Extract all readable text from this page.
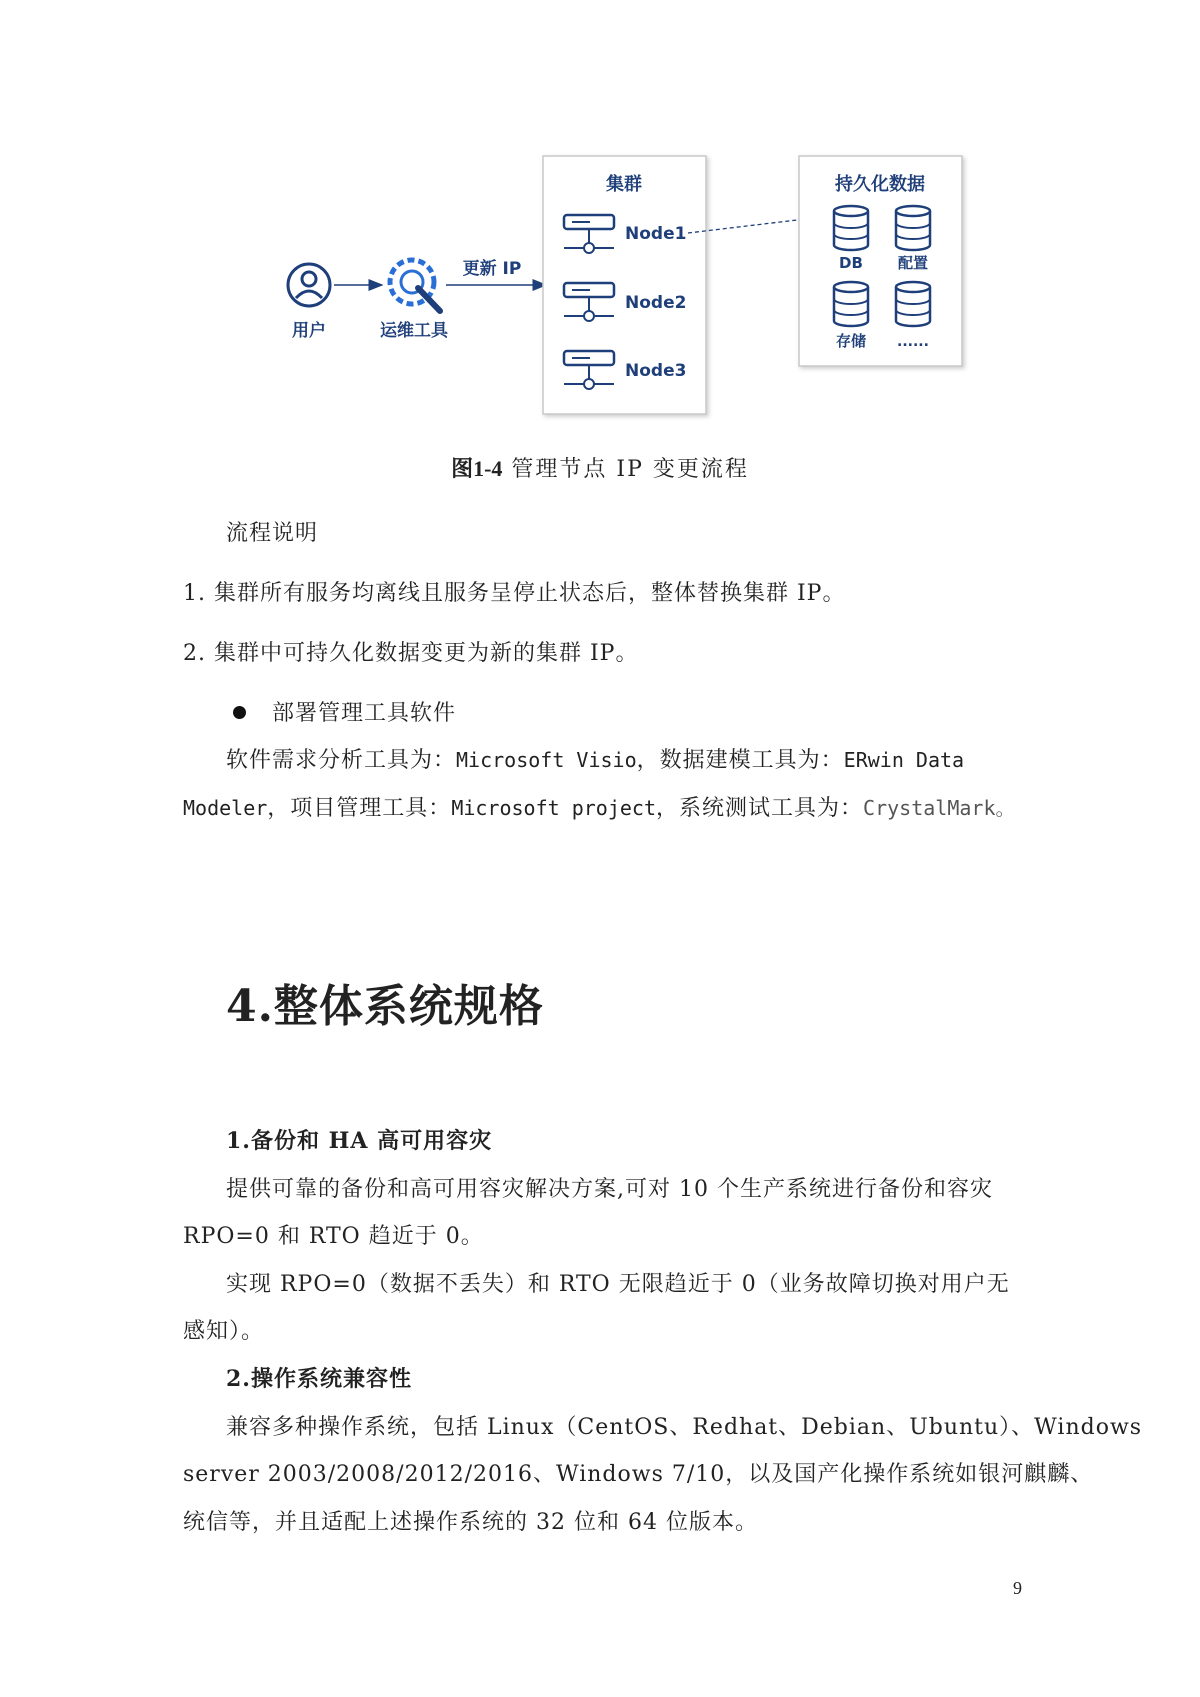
用户	运维工具
更新 IP
集群
Node1
Node2
Node3
持久化数据
DB 配置
存储 ......
图1-4 管理节点 IP 变更流程
流程说明
1. 集群所有服务均离线且服务呈停止状态后，整体替换集群 IP。
2. 集群中可持久化数据变更为新的集群 IP。
部署管理工具软件
软件需求分析工具为：Microsoft Visio，数据建模工具为：ERwin Data
Modeler，项目管理工具：Microsoft project，系统测试工具为：CrystalMark。
4.整体系统规格
1.备份和 HA 高可用容灾
提供可靠的备份和高可用容灾解决方案,可对 10 个生产系统进行备份和容灾
RPO=0 和 RTO 趋近于 0。
实现 RPO=0（数据不丢失）和 RTO 无限趋近于 0（业务故障切换对用户无
感知）。
2.操作系统兼容性
兼容多种操作系统，包括 Linux（CentOS、Redhat、Debian、Ubuntu）、Windows
server 2003/2008/2012/2016、Windows 7/10，以及国产化操作系统如银河麒麟、
统信等，并且适配上述操作系统的 32 位和 64 位版本。
9
